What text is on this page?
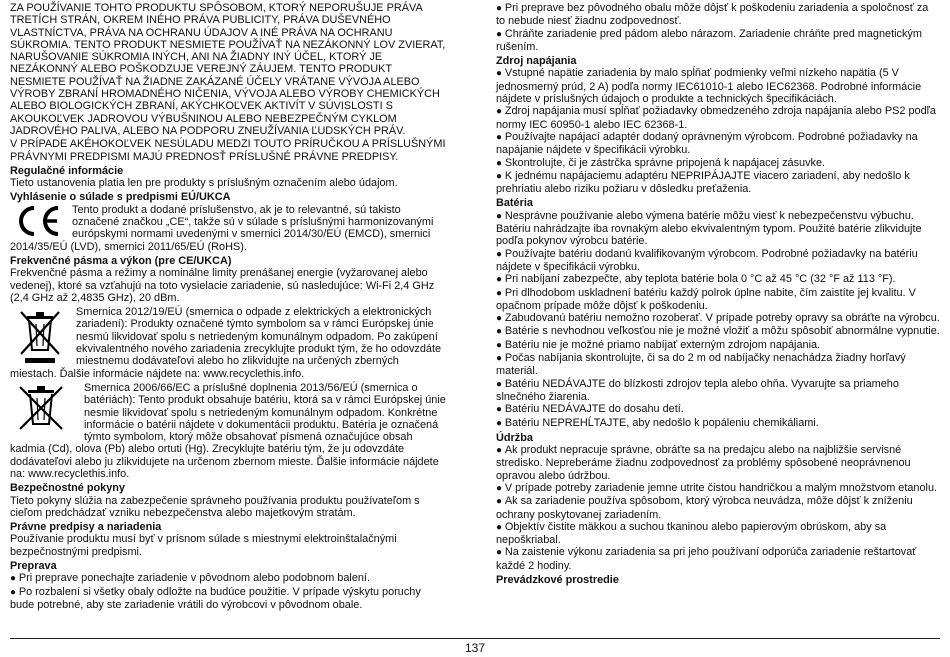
ZA POUŽÍVANIE TOHTO PRODUKTU SPÔSOBOM, KTORÝ NEPORUŠUJE PRÁVA TRETÍCH STRÁN, OKREM INÉHO PRÁVA PUBLICITY, PRÁVA DUŠEVNÉHO VLASTNÍCTVA, PRÁVA NA OCHRANU ÚDAJOV A INÉ PRÁVA NA OCHRANU SÚKROMIA. TENTO PRODUKT NESMIETE POUŽÍVAŤ NA NEZÁKONNÝ LOV ZVIERAT, NARUŠOVANIE SÚKROMIA INÝCH, ANI NA ŽIADNY INÝ ÚČEL, KTORÝ JE NEZÁKONNÝ ALEBO POŠKODZUJE VEREJNÝ ZÁUJEM. TENTO PRODUKT NESMIETE POUŽÍVAŤ NA ŽIADNE ZAKÁZANÉ ÚČELY VRÁTANE VÝVOJA ALEBO VÝROBY ZBRANÍ HROMADNÉHO NIČENIA, VÝVOJA ALEBO VÝROBY CHEMICKÝCH ALEBO BIOLOGICKÝCH ZBRANÍ, AKÝCHKOĽVEK AKTIVÍT V SÚVISLOSTI S AKOUKOĽVEK JADROVOU VÝBUŠNINOU ALEBO NEBEZPEČNÝM CYKLOM JADROVÉHO PALIVA, ALEBO NA PODPORU ZNEUŽÍVANIA ĽUDSKÝCH PRÁV.

V PRÍPADE AKÉHOKOĽVEK NESÚLADU MEDZI TOUTO PRÍRUČKOU A PRÍSLUŠNÝMI PRÁVNYMI PREDPISMI MAJÚ PREDNOSŤ PRÍSLUŠNÉ PRÁVNE PREDPISY.

Regulačné informácie

Tieto ustanovenia platia len pre produkty s príslušným označením alebo údajom.

Vyhlásenie o súlade s predpismi EÚ/UKCA

Tento produkt a dodané príslušenstvo, ak je to relevantné, sú takisto označené značkou „CE“, takže sú v súlade s príslušnými harmonizovanými európskymi normami uvedenými v smernici 2014/30/EÚ (EMCD), smernici 2014/35/EÚ (LVD), smernici 2011/65/EÚ (RoHS).

Frekvenčné pásma a výkon (pre CE/UKCA)

Frekvenčné pásma a režimy a nominálne limity prenášanej energie (vyžarovanej alebo vedenej), ktoré sa vzťahujú na toto vysielacie zariadenie, sú nasledujúce: Wi-Fi 2,4 GHz (2,4 GHz až 2,4835 GHz), 20 dBm.

Smernica 2012/19/EÚ (smernica o odpade z elektrických a elektronických zariadení): Produkty označené týmto symbolom sa v rámci Európskej únie nesmú likvidovať spolu s netriedeným komunálnym odpadom. Po zakúpení ekvivalentného nového zariadenia zrecyklujte produkt tým, že ho odovzdáte miestnemu dodávateľovi alebo ho zlikvidujte na určených zberných miestach. Ďalšie informácie nájdete na: www.recyclethis.info.

Smernica 2006/66/EC a príslušné doplnenia 2013/56/EÚ (smernica o batériách): Tento produkt obsahuje batériu, ktorá sa v rámci Európskej únie nesmie likvidovať spolu s netriedeným komunálnym odpadom. Konkrétne informácie o batérii nájdete v dokumentácii produktu. Batéria je označená týmto symbolom, ktorý môže obsahovať písmená označujúce obsah kadmia (Cd), olova (Pb) alebo ortuti (Hg). Zrecyklujte batériu tým, že ju odovzdáte dodávateľovi alebo ju zlikvidujete na určenom zbernom mieste. Ďalšie informácie nájdete na: www.recyclethis.info.

Bezpečnostné pokyny

Tieto pokyny slúžia na zabezpečenie správneho používania produktu používateľom s cieľom predchádzať vzniku nebezpečenstva alebo majetkovým stratám.

Právne predpisy a nariadenia

Používanie produktu musí byť v prísnom súlade s miestnymi elektroinštalačnými bezpečnostnými predpismi.

Preprava

● Pri preprave ponechajte zariadenie v pôvodnom alebo podobnom balení.

● Po rozbalení si všetky obaly odložte na budúce použitie. V prípade výskytu poruchy bude potrebné, aby ste zariadenie vrátili do výrobcovi v pôvodnom obale.

● Pri preprave bez pôvodného obalu môže dôjsť k poškodeniu zariadenia a spoločnosť za to nebude niesť žiadnu zodpovednosť.

● Chráňte zariadenie pred pádom alebo nárazom. Zariadenie chráňte pred magnetickým rušením.

Zdroj napájania

● Vstupné napätie zariadenia by malo spĺňať podmienky veľmi nízkeho napätia (5 V jednosmerný prúd, 2 A) podľa normy IEC61010-1 alebo IEC62368. Podrobné informácie nájdete v príslušných údajoch o produkte a technických špecifikáciách.

● Zdroj napájania musí spĺňať požiadavky obmedzeného zdroja napájania alebo PS2 podľa normy IEC 60950-1 alebo IEC 62368-1.

● Používajte napájací adaptér dodaný oprávneným výrobcom. Podrobné požiadavky na napájanie nájdete v špecifikácii výrobku.

● Skontrolujte, či je zástrčka správne pripojená k napájacej zásuvke.

● K jednému napájaciemu adaptéru NEPRIPÁJAJTE viacero zariadení, aby nedošlo k prehriatiu alebo riziku požiaru v dôsledku preťaženia.

Batéria

● Nesprávne používanie alebo výmena batérie môžu viesť k nebezpečenstvu výbuchu. Batériu nahrádzajte iba rovnakým alebo ekvivalentným typom. Použité batérie zlikvidujte podľa pokynov výrobcu batérie.

● Používajte batériu dodanú kvalifikovaným výrobcom. Podrobné požiadavky na batériu nájdete v špecifikácii výrobku.

● Pri nabíjaní zabezpečte, aby teplota batérie bola 0 °C až 45 °C (32 °F až 113 °F).

● Pri dlhodobom uskladnení batériu každý polrok úplne nabite, čím zaistíte jej kvalitu. V opačnom prípade môže dôjsť k poškodeniu.

● Zabudovanú batériu nemožno rozoberať. V prípade potreby opravy sa obráťte na výrobcu.

● Batérie s nevhodnou veľkosťou nie je možné vložiť a môžu spôsobiť abnormálne vypnutie.

● Batériu nie je možné priamo nabíjať externým zdrojom napájania.

● Počas nabíjania skontrolujte, či sa do 2 m od nabíjačky nenachádza žiadny horľavý materiál.

● Batériu NEDÁVAJTE do blízkosti zdrojov tepla alebo ohňa. Vyvarujte sa priameho slnečného žiarenia.

● Batériu NEDÁVAJTE do dosahu detí.

● Batériu NEPREHĹTAJTE, aby nedošlo k popáleniu chemikáliami.

Údržba

● Ak produkt nepracuje správne, obráťte sa na predajcu alebo na najbližšie servisné stredisko. Nepreberáme žiadnu zodpovednosť za problémy spôsobené neoprávnenou opravou alebo údržbou.

● V prípade potreby zariadenie jemne utrite čistou handričkou a malým množstvom etanolu.

● Ak sa zariadenie používa spôsobom, ktorý výrobca neuvádza, môže dôjsť k zníženiu ochrany poskytovanej zariadením.

● Objektív čistite mäkkou a suchou tkaninou alebo papierovým obrúskom, aby sa nepoškriabal.

● Na zaistenie výkonu zariadenia sa pri jeho používaní odporúča zariadenie reštartovať každé 2 hodiny.

Prevádzkové prostredie

137
